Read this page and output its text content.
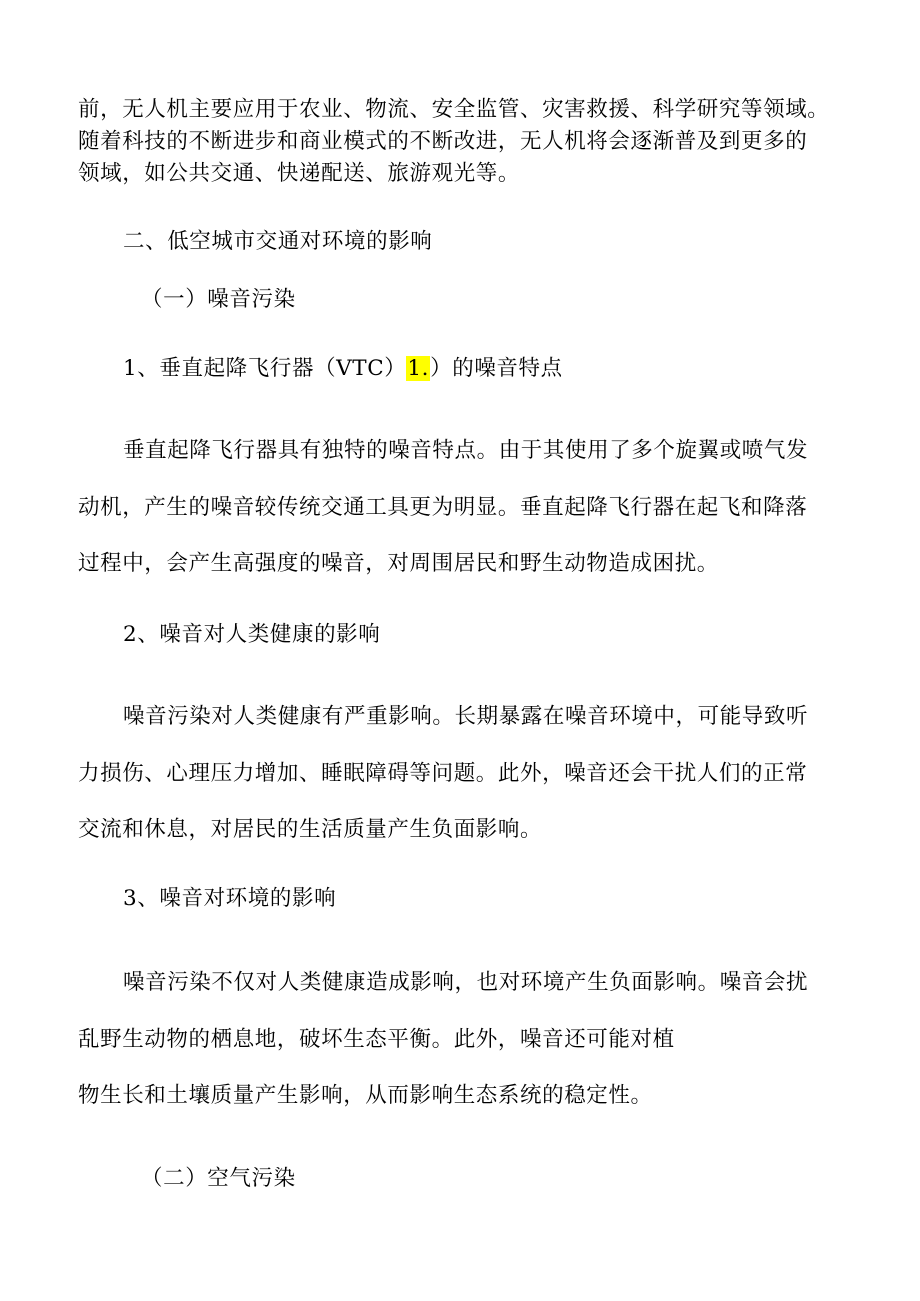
前，无人机主要应用于农业、物流、安全监管、灾害救援、科学研究等领域。
随着科技的不断进步和商业模式的不断改进，无人机将会逐渐普及到更多的
领域，如公共交通、快递配送、旅游观光等。
二、低空城市交通对环境的影响
（一）噪音污染
1、垂直起降飞行器（VTC）1.）的噪音特点
垂直起降飞行器具有独特的噪音特点。由于其使用了多个旋翼或喷气发
动机，产生的噪音较传统交通工具更为明显。垂直起降飞行器在起飞和降落
过程中，会产生高强度的噪音，对周围居民和野生动物造成困扰。
2、噪音对人类健康的影响
噪音污染对人类健康有严重影响。长期暴露在噪音环境中，可能导致听
力损伤、心理压力增加、睡眠障碍等问题。此外，噪音还会干扰人们的正常
交流和休息，对居民的生活质量产生负面影响。
3、噪音对环境的影响
噪音污染不仅对人类健康造成影响，也对环境产生负面影响。噪音会扰
乱野生动物的栖息地，破坏生态平衡。此外，噪音还可能对植
物生长和土壤质量产生影响，从而影响生态系统的稳定性。
（二）空气污染
